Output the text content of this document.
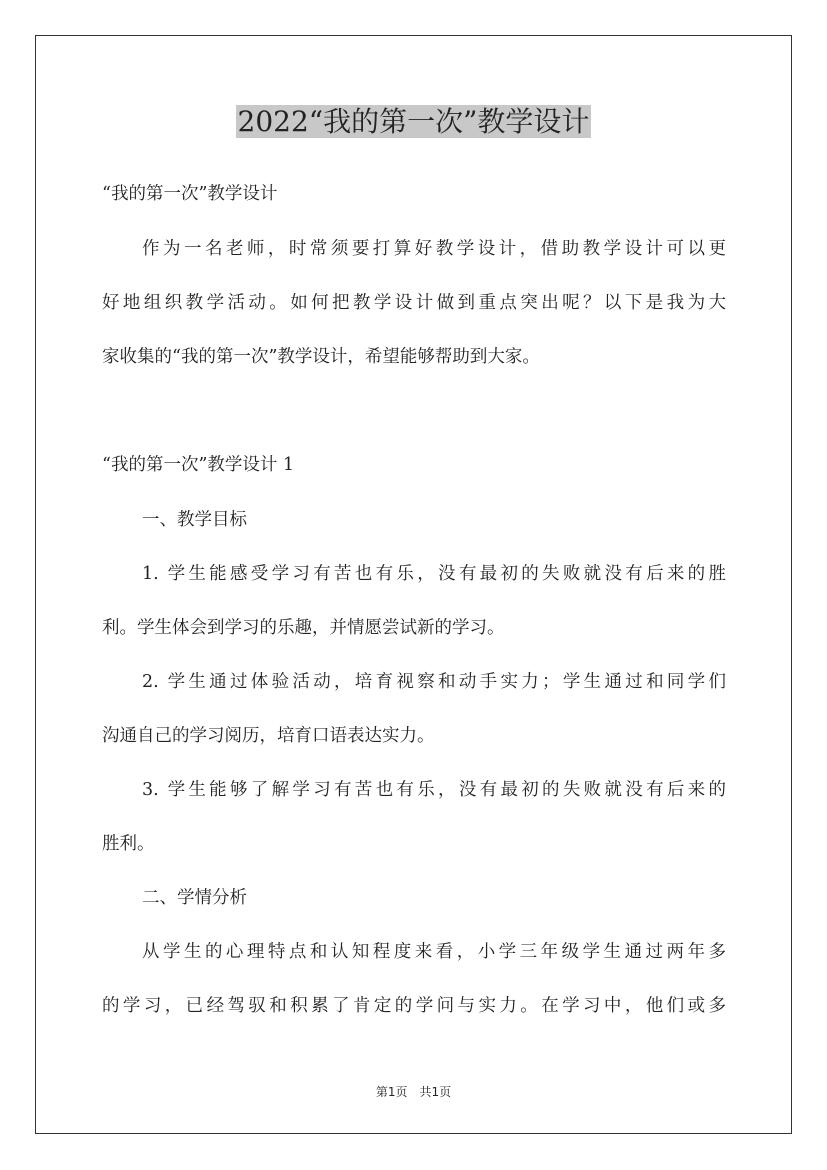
2022“我的第一次”教学设计
“我的第一次”教学设计
作为一名老师，时常须要打算好教学设计，借助教学设计可以更
好地组织教学活动。如何把教学设计做到重点突出呢？以下是我为大
家收集的“我的第一次”教学设计，希望能够帮助到大家。
“我的第一次”教学设计 1
一、教学目标
1. 学生能感受学习有苦也有乐，没有最初的失败就没有后来的胜
利。学生体会到学习的乐趣，并情愿尝试新的学习。
2. 学生通过体验活动，培育视察和动手实力；学生通过和同学们
沟通自己的学习阅历，培育口语表达实力。
3. 学生能够了解学习有苦也有乐，没有最初的失败就没有后来的
胜利。
二、学情分析
从学生的心理特点和认知程度来看，小学三年级学生通过两年多
的学习，已经驾驭和积累了肯定的学问与实力。在学习中，他们或多
第1页　共1页
